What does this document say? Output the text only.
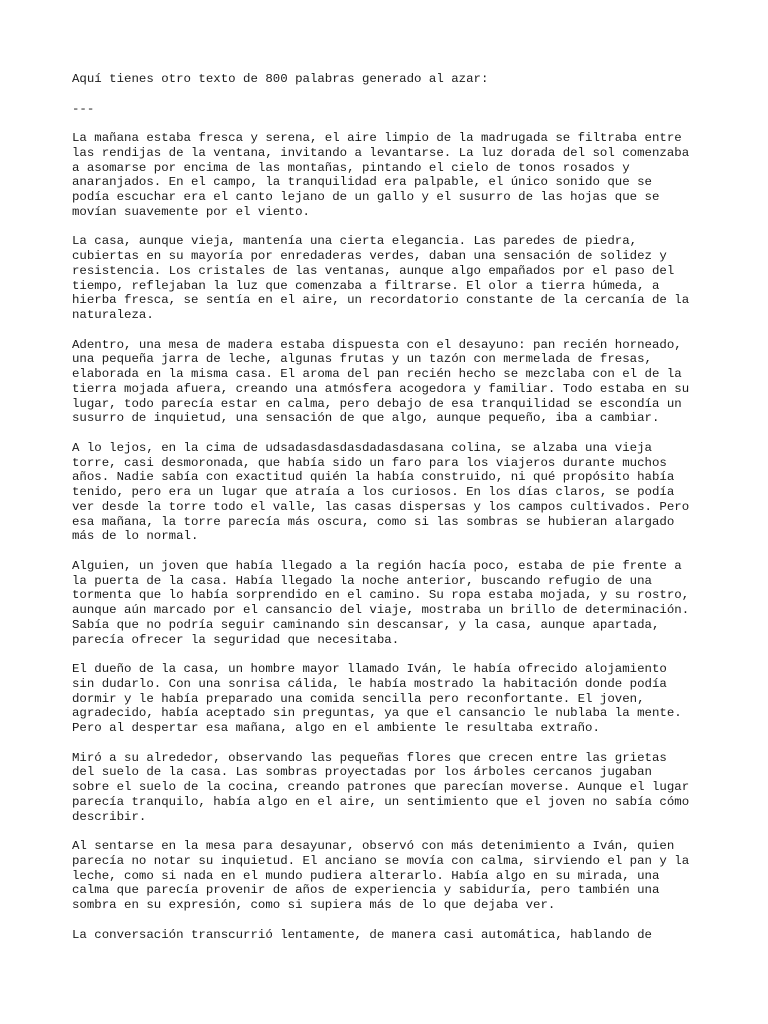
Aquí tienes otro texto de 800 palabras generado al azar:
---
La mañana estaba fresca y serena, el aire limpio de la madrugada se filtraba entre
las rendijas de la ventana, invitando a levantarse. La luz dorada del sol comenzaba
a asomarse por encima de las montañas, pintando el cielo de tonos rosados y
anaranjados. En el campo, la tranquilidad era palpable, el único sonido que se
podía escuchar era el canto lejano de un gallo y el susurro de las hojas que se
movían suavemente por el viento.
La casa, aunque vieja, mantenía una cierta elegancia. Las paredes de piedra,
cubiertas en su mayoría por enredaderas verdes, daban una sensación de solidez y
resistencia. Los cristales de las ventanas, aunque algo empañados por el paso del
tiempo, reflejaban la luz que comenzaba a filtrarse. El olor a tierra húmeda, a
hierba fresca, se sentía en el aire, un recordatorio constante de la cercanía de la
naturaleza.
Adentro, una mesa de madera estaba dispuesta con el desayuno: pan recién horneado,
una pequeña jarra de leche, algunas frutas y un tazón con mermelada de fresas,
elaborada en la misma casa. El aroma del pan recién hecho se mezclaba con el de la
tierra mojada afuera, creando una atmósfera acogedora y familiar. Todo estaba en su
lugar, todo parecía estar en calma, pero debajo de esa tranquilidad se escondía un
susurro de inquietud, una sensación de que algo, aunque pequeño, iba a cambiar.
A lo lejos, en la cima de udsadasdasdasdadasdasana colina, se alzaba una vieja
torre, casi desmoronada, que había sido un faro para los viajeros durante muchos
años. Nadie sabía con exactitud quién la había construido, ni qué propósito había
tenido, pero era un lugar que atraía a los curiosos. En los días claros, se podía
ver desde la torre todo el valle, las casas dispersas y los campos cultivados. Pero
esa mañana, la torre parecía más oscura, como si las sombras se hubieran alargado
más de lo normal.
Alguien, un joven que había llegado a la región hacía poco, estaba de pie frente a
la puerta de la casa. Había llegado la noche anterior, buscando refugio de una
tormenta que lo había sorprendido en el camino. Su ropa estaba mojada, y su rostro,
aunque aún marcado por el cansancio del viaje, mostraba un brillo de determinación.
Sabía que no podría seguir caminando sin descansar, y la casa, aunque apartada,
parecía ofrecer la seguridad que necesitaba.
El dueño de la casa, un hombre mayor llamado Iván, le había ofrecido alojamiento
sin dudarlo. Con una sonrisa cálida, le había mostrado la habitación donde podía
dormir y le había preparado una comida sencilla pero reconfortante. El joven,
agradecido, había aceptado sin preguntas, ya que el cansancio le nublaba la mente.
Pero al despertar esa mañana, algo en el ambiente le resultaba extraño.
Miró a su alrededor, observando las pequeñas flores que crecen entre las grietas
del suelo de la casa. Las sombras proyectadas por los árboles cercanos jugaban
sobre el suelo de la cocina, creando patrones que parecían moverse. Aunque el lugar
parecía tranquilo, había algo en el aire, un sentimiento que el joven no sabía cómo
describir.
Al sentarse en la mesa para desayunar, observó con más detenimiento a Iván, quien
parecía no notar su inquietud. El anciano se movía con calma, sirviendo el pan y la
leche, como si nada en el mundo pudiera alterarlo. Había algo en su mirada, una
calma que parecía provenir de años de experiencia y sabiduría, pero también una
sombra en su expresión, como si supiera más de lo que dejaba ver.
La conversación transcurrió lentamente, de manera casi automática, hablando de
